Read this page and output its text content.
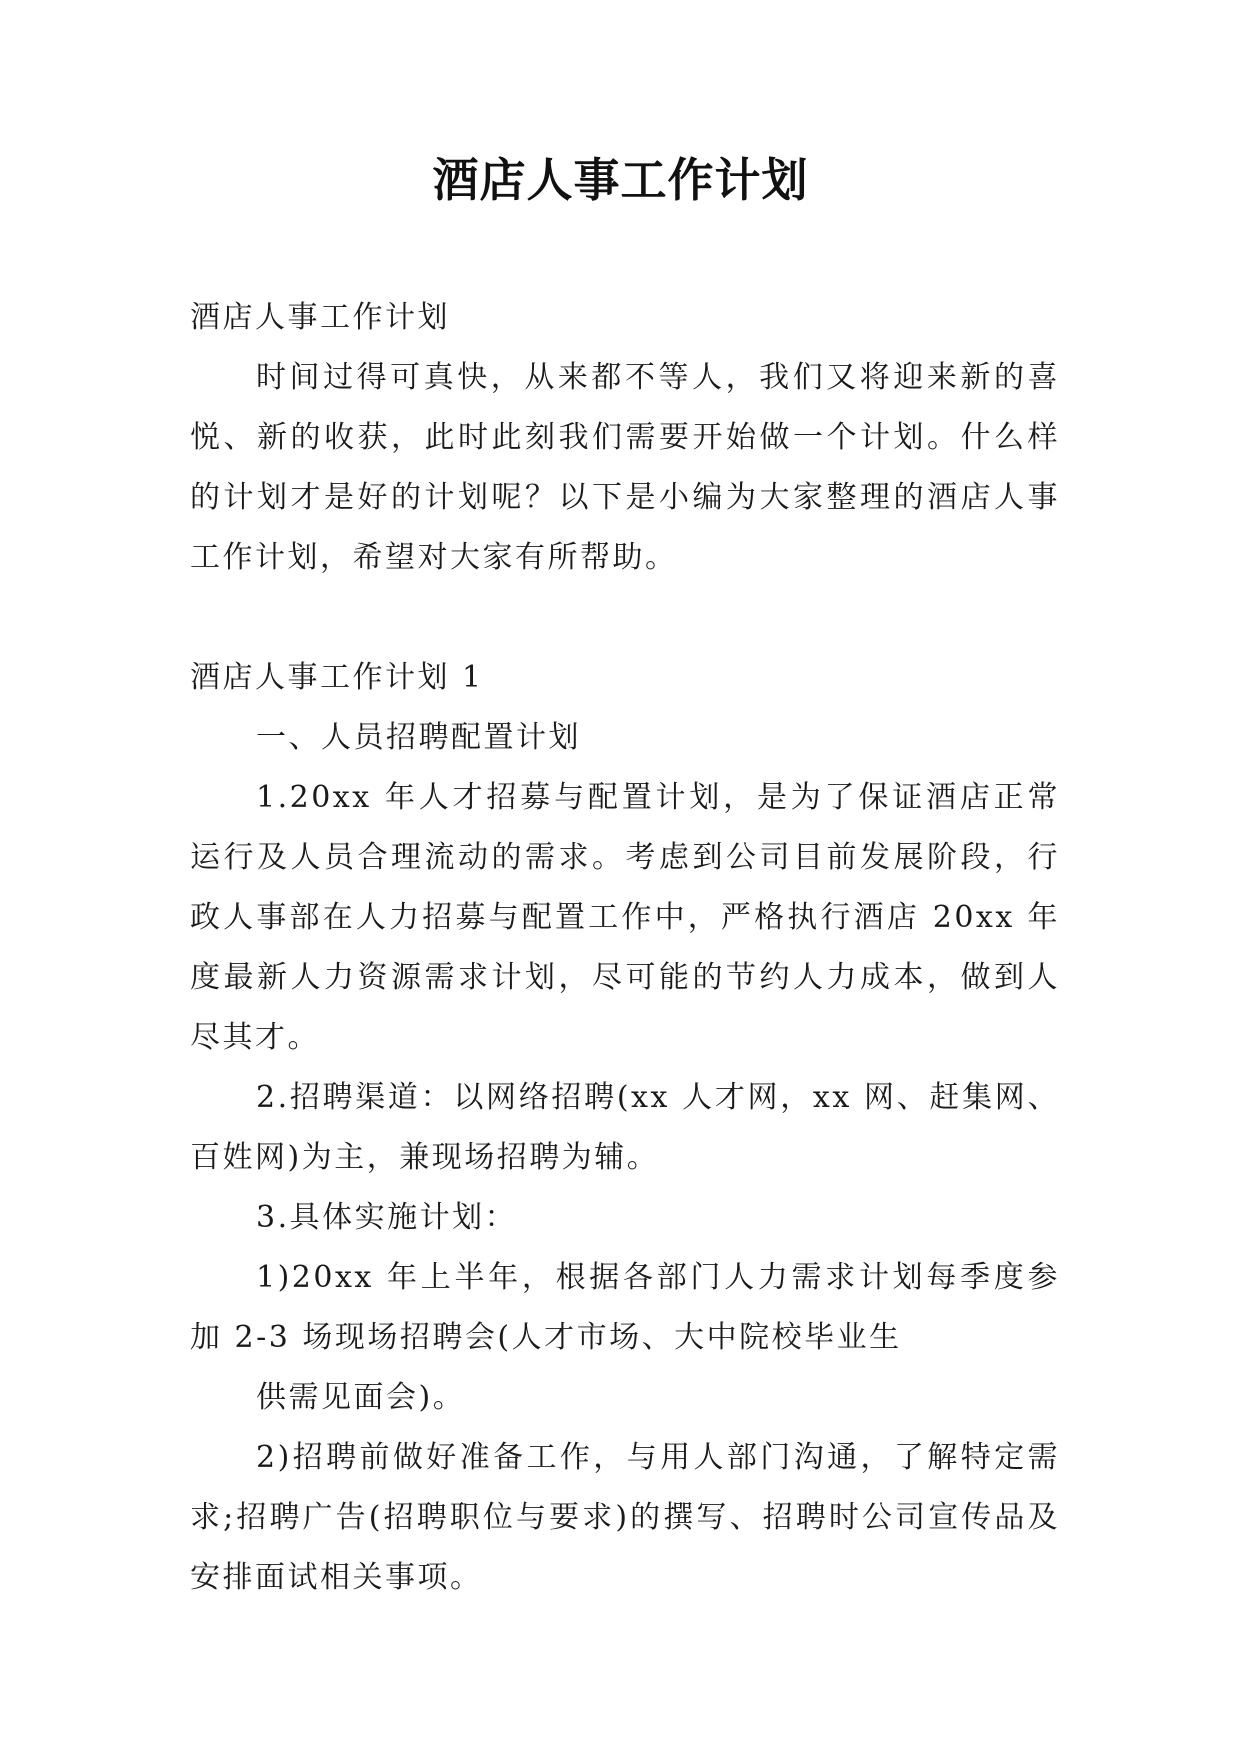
酒店人事工作计划

酒店人事工作计划

时间过得可真快，从来都不等人，我们又将迎来新的喜悦、新的收获，此时此刻我们需要开始做一个计划。什么样的计划才是好的计划呢？以下是小编为大家整理的酒店人事工作计划，希望对大家有所帮助。

酒店人事工作计划 1

一、人员招聘配置计划

1.20xx 年人才招募与配置计划，是为了保证酒店正常运行及人员合理流动的需求。考虑到公司目前发展阶段，行政人事部在人力招募与配置工作中，严格执行酒店 20xx 年度最新人力资源需求计划，尽可能的节约人力成本，做到人尽其才。

2.招聘渠道：以网络招聘(xx 人才网，xx 网、赶集网、百姓网)为主，兼现场招聘为辅。

3.具体实施计划：

1)20xx 年上半年，根据各部门人力需求计划每季度参加 2-3 场现场招聘会(人才市场、大中院校毕业生

供需见面会)。

2)招聘前做好准备工作，与用人部门沟通，了解特定需求;招聘广告(招聘职位与要求)的撰写、招聘时公司宣传品及安排面试相关事项。
